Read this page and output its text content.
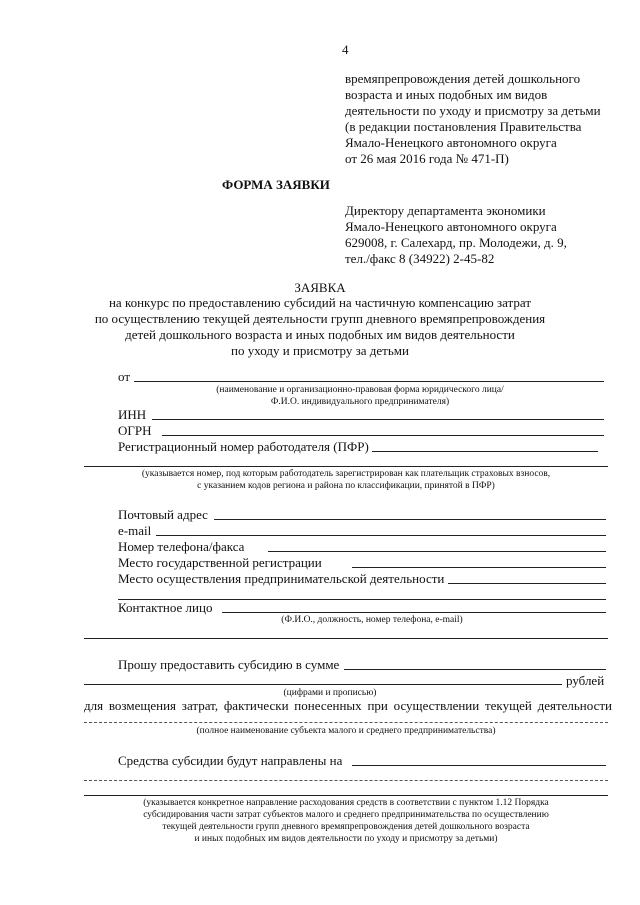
4
времяпрепровождения детей дошкольного
возраста и иных подобных им видов
деятельности по уходу и присмотру за детьми
(в редакции постановления Правительства
Ямало-Ненецкого автономного округа
от 26 мая 2016 года № 471-П)
ФОРМА ЗАЯВКИ
Директору департамента экономики
Ямало-Ненецкого автономного округа
629008, г. Салехард, пр. Молодежи, д. 9,
тел./факс 8 (34922) 2-45-82
ЗАЯВКА
на конкурс по предоставлению субсидий на частичную компенсацию затрат
по осуществлению текущей деятельности групп дневного времяпрепровождения
детей дошкольного возраста и иных подобных им видов деятельности
по уходу и присмотру за детьми
от
(наименование и организационно-правовая форма юридического лица/
Ф.И.О. индивидуального предпринимателя)
ИНН
ОГРН
Регистрационный номер работодателя (ПФР)
(указывается номер, под которым работодатель зарегистрирован как плательщик страховых взносов,
с указанием кодов региона и района по классификации, принятой в ПФР)
Почтовый адрес
e-mail
Номер телефона/факса
Место государственной регистрации
Место осуществления предпринимательской деятельности
Контактное лицо
(Ф.И.О., должность, номер телефона, e-mail)
Прошу предоставить субсидию в сумме
рублей
(цифрами и прописью)
для возмещения затрат, фактически понесенных при осуществлении текущей деятельности
(полное наименование субъекта малого и среднего предпринимательства)
Средства субсидии будут направлены на
(указывается конкретное направление расходования средств в соответствии с пунктом 1.12 Порядка
субсидирования части затрат субъектов малого и среднего предпринимательства по осуществлению
текущей деятельности групп дневного времяпрепровождения детей дошкольного возраста
и иных подобных им видов деятельности по уходу и присмотру за детьми)
